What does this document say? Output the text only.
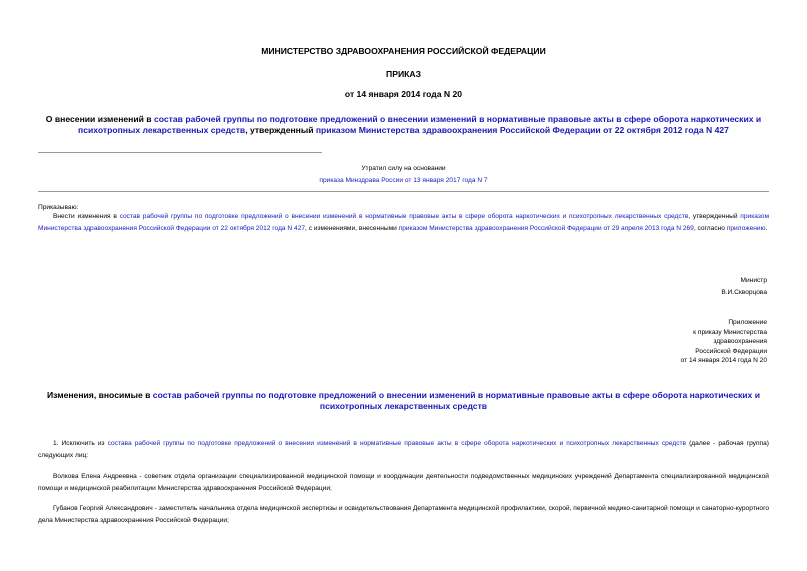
МИНИСТЕРСТВО ЗДРАВООХРАНЕНИЯ РОССИЙСКОЙ ФЕДЕРАЦИИ
ПРИКАЗ
от 14 января 2014 года N 20
О внесении изменений в состав рабочей группы по подготовке предложений о внесении изменений в нормативные правовые акты в сфере оборота наркотических и психотропных лекарственных средств, утвержденный приказом Министерства здравоохранения Российской Федерации от 22 октября 2012 года N 427
Утратил силу на основании
приказа Минздрава России от 13 января 2017 года N 7
Приказываю:
Внести изменения в состав рабочей группы по подготовке предложений о внесении изменений в нормативные правовые акты в сфере оборота наркотических и психотропных лекарственных средств, утвержденный приказом Министерства здравоохранения Российской Федерации от 22 октября 2012 года N 427, с изменениями, внесенными приказом Министерства здравоохранения Российской Федерации от 29 апреля 2013 года N 269, согласно приложению.
Министр
В.И.Скворцова
Приложение
к приказу Министерства
здравоохранения
Российской Федерации
от 14 января 2014 года N 20
Изменения, вносимые в состав рабочей группы по подготовке предложений о внесении изменений в нормативные правовые акты в сфере оборота наркотических и психотропных лекарственных средств
1. Исключить из состава рабочей группы по подготовке предложений о внесении изменений в нормативные правовые акты в сфере оборота наркотических и психотропных лекарственных средств (далее - рабочая группа) следующих лиц:
Волкова Елена Андреевна - советник отдела организации специализированной медицинской помощи и координации деятельности подведомственных медицинских учреждений Департамента специализированной медицинской помощи и медицинской реабилитации Министерства здравоохранения Российской Федерации;
Губанов Георгий Александрович - заместитель начальника отдела медицинской экспертизы и освидетельствования Департамента медицинской профилактики, скорой, первичной медико-санитарной помощи и санаторно-курортного дела Министерства здравоохранения Российской Федерации;
